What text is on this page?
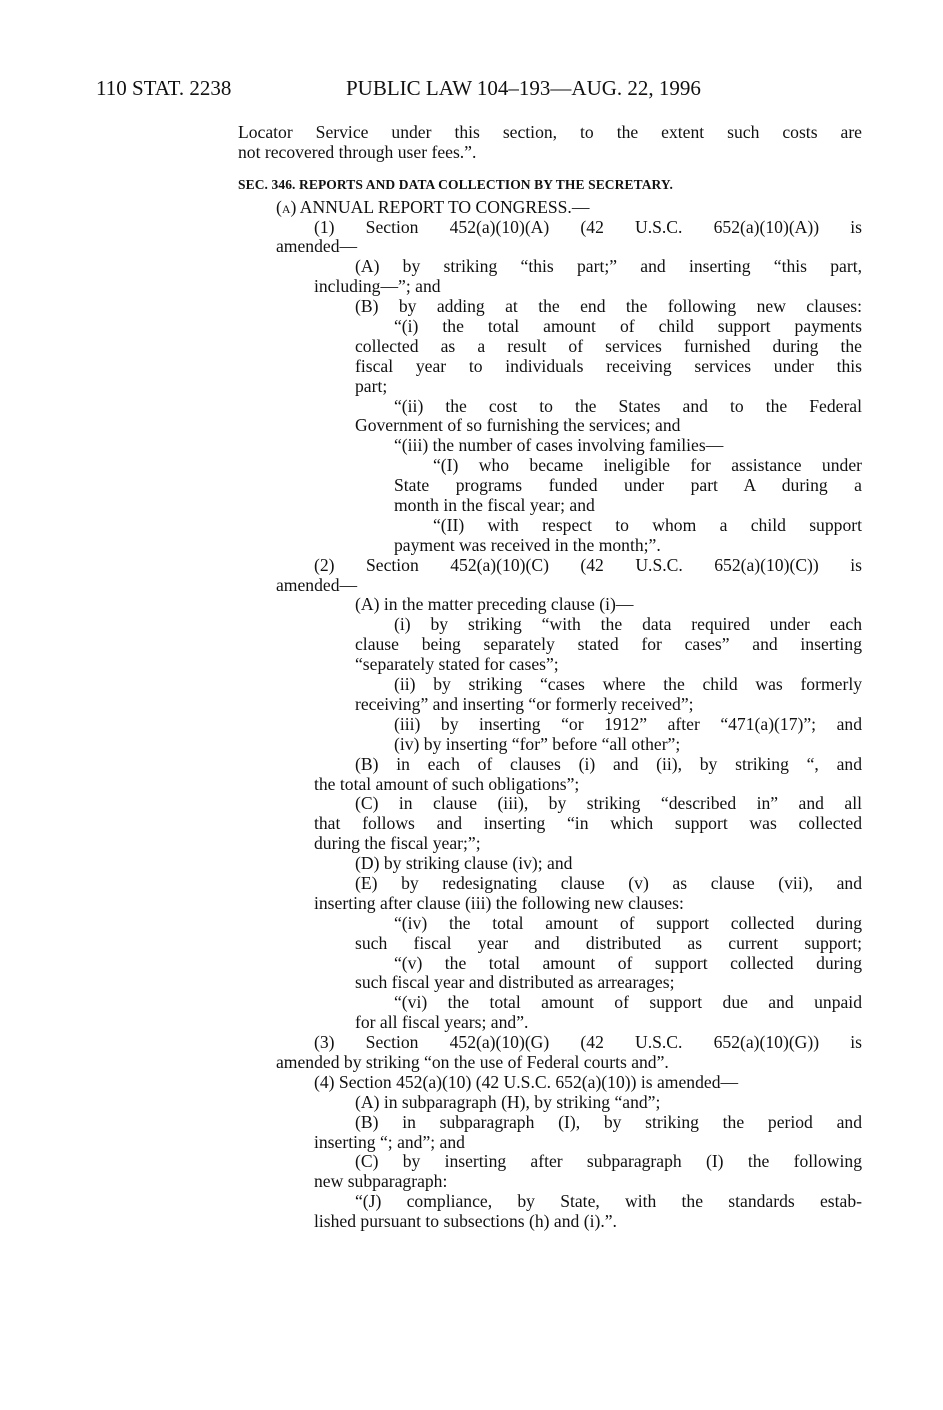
110 STAT. 2238	PUBLIC LAW 104–193—AUG. 22, 1996
Locator Service under this section, to the extent such costs are
not recovered through user fees.”.
SEC. 346. REPORTS AND DATA COLLECTION BY THE SECRETARY.
(a) ANNUAL REPORT TO CONGRESS.—
(1) Section 452(a)(10)(A) (42 U.S.C. 652(a)(10)(A)) is
amended—
(A) by striking “this part;” and inserting “this part,
including—”; and
(B) by adding at the end the following new clauses:
“(i) the total amount of child support payments
collected as a result of services furnished during the
fiscal year to individuals receiving services under this
part;
“(ii) the cost to the States and to the Federal
Government of so furnishing the services; and
“(iii) the number of cases involving families—
“(I) who became ineligible for assistance under
State programs funded under part A during a
month in the fiscal year; and
“(II) with respect to whom a child support
payment was received in the month;”.
(2) Section 452(a)(10)(C) (42 U.S.C. 652(a)(10)(C)) is
amended—
(A) in the matter preceding clause (i)—
(i) by striking “with the data required under each
clause being separately stated for cases” and inserting
“separately stated for cases”;
(ii) by striking “cases where the child was formerly
receiving” and inserting “or formerly received”;
(iii) by inserting “or 1912” after “471(a)(17)”; and
(iv) by inserting “for” before “all other”;
(B) in each of clauses (i) and (ii), by striking “, and
the total amount of such obligations”;
(C) in clause (iii), by striking “described in” and all
that follows and inserting “in which support was collected
during the fiscal year;”;
(D) by striking clause (iv); and
(E) by redesignating clause (v) as clause (vii), and
inserting after clause (iii) the following new clauses:
“(iv) the total amount of support collected during
such fiscal year and distributed as current support;
“(v) the total amount of support collected during
such fiscal year and distributed as arrearages;
“(vi) the total amount of support due and unpaid
for all fiscal years; and”.
(3) Section 452(a)(10)(G) (42 U.S.C. 652(a)(10)(G)) is
amended by striking “on the use of Federal courts and”.
(4) Section 452(a)(10) (42 U.S.C. 652(a)(10)) is amended—
(A) in subparagraph (H), by striking “and”;
(B) in subparagraph (I), by striking the period and
inserting “; and”; and
(C) by inserting after subparagraph (I) the following
new subparagraph:
“(J) compliance, by State, with the standards estab-
lished pursuant to subsections (h) and (i).”.
